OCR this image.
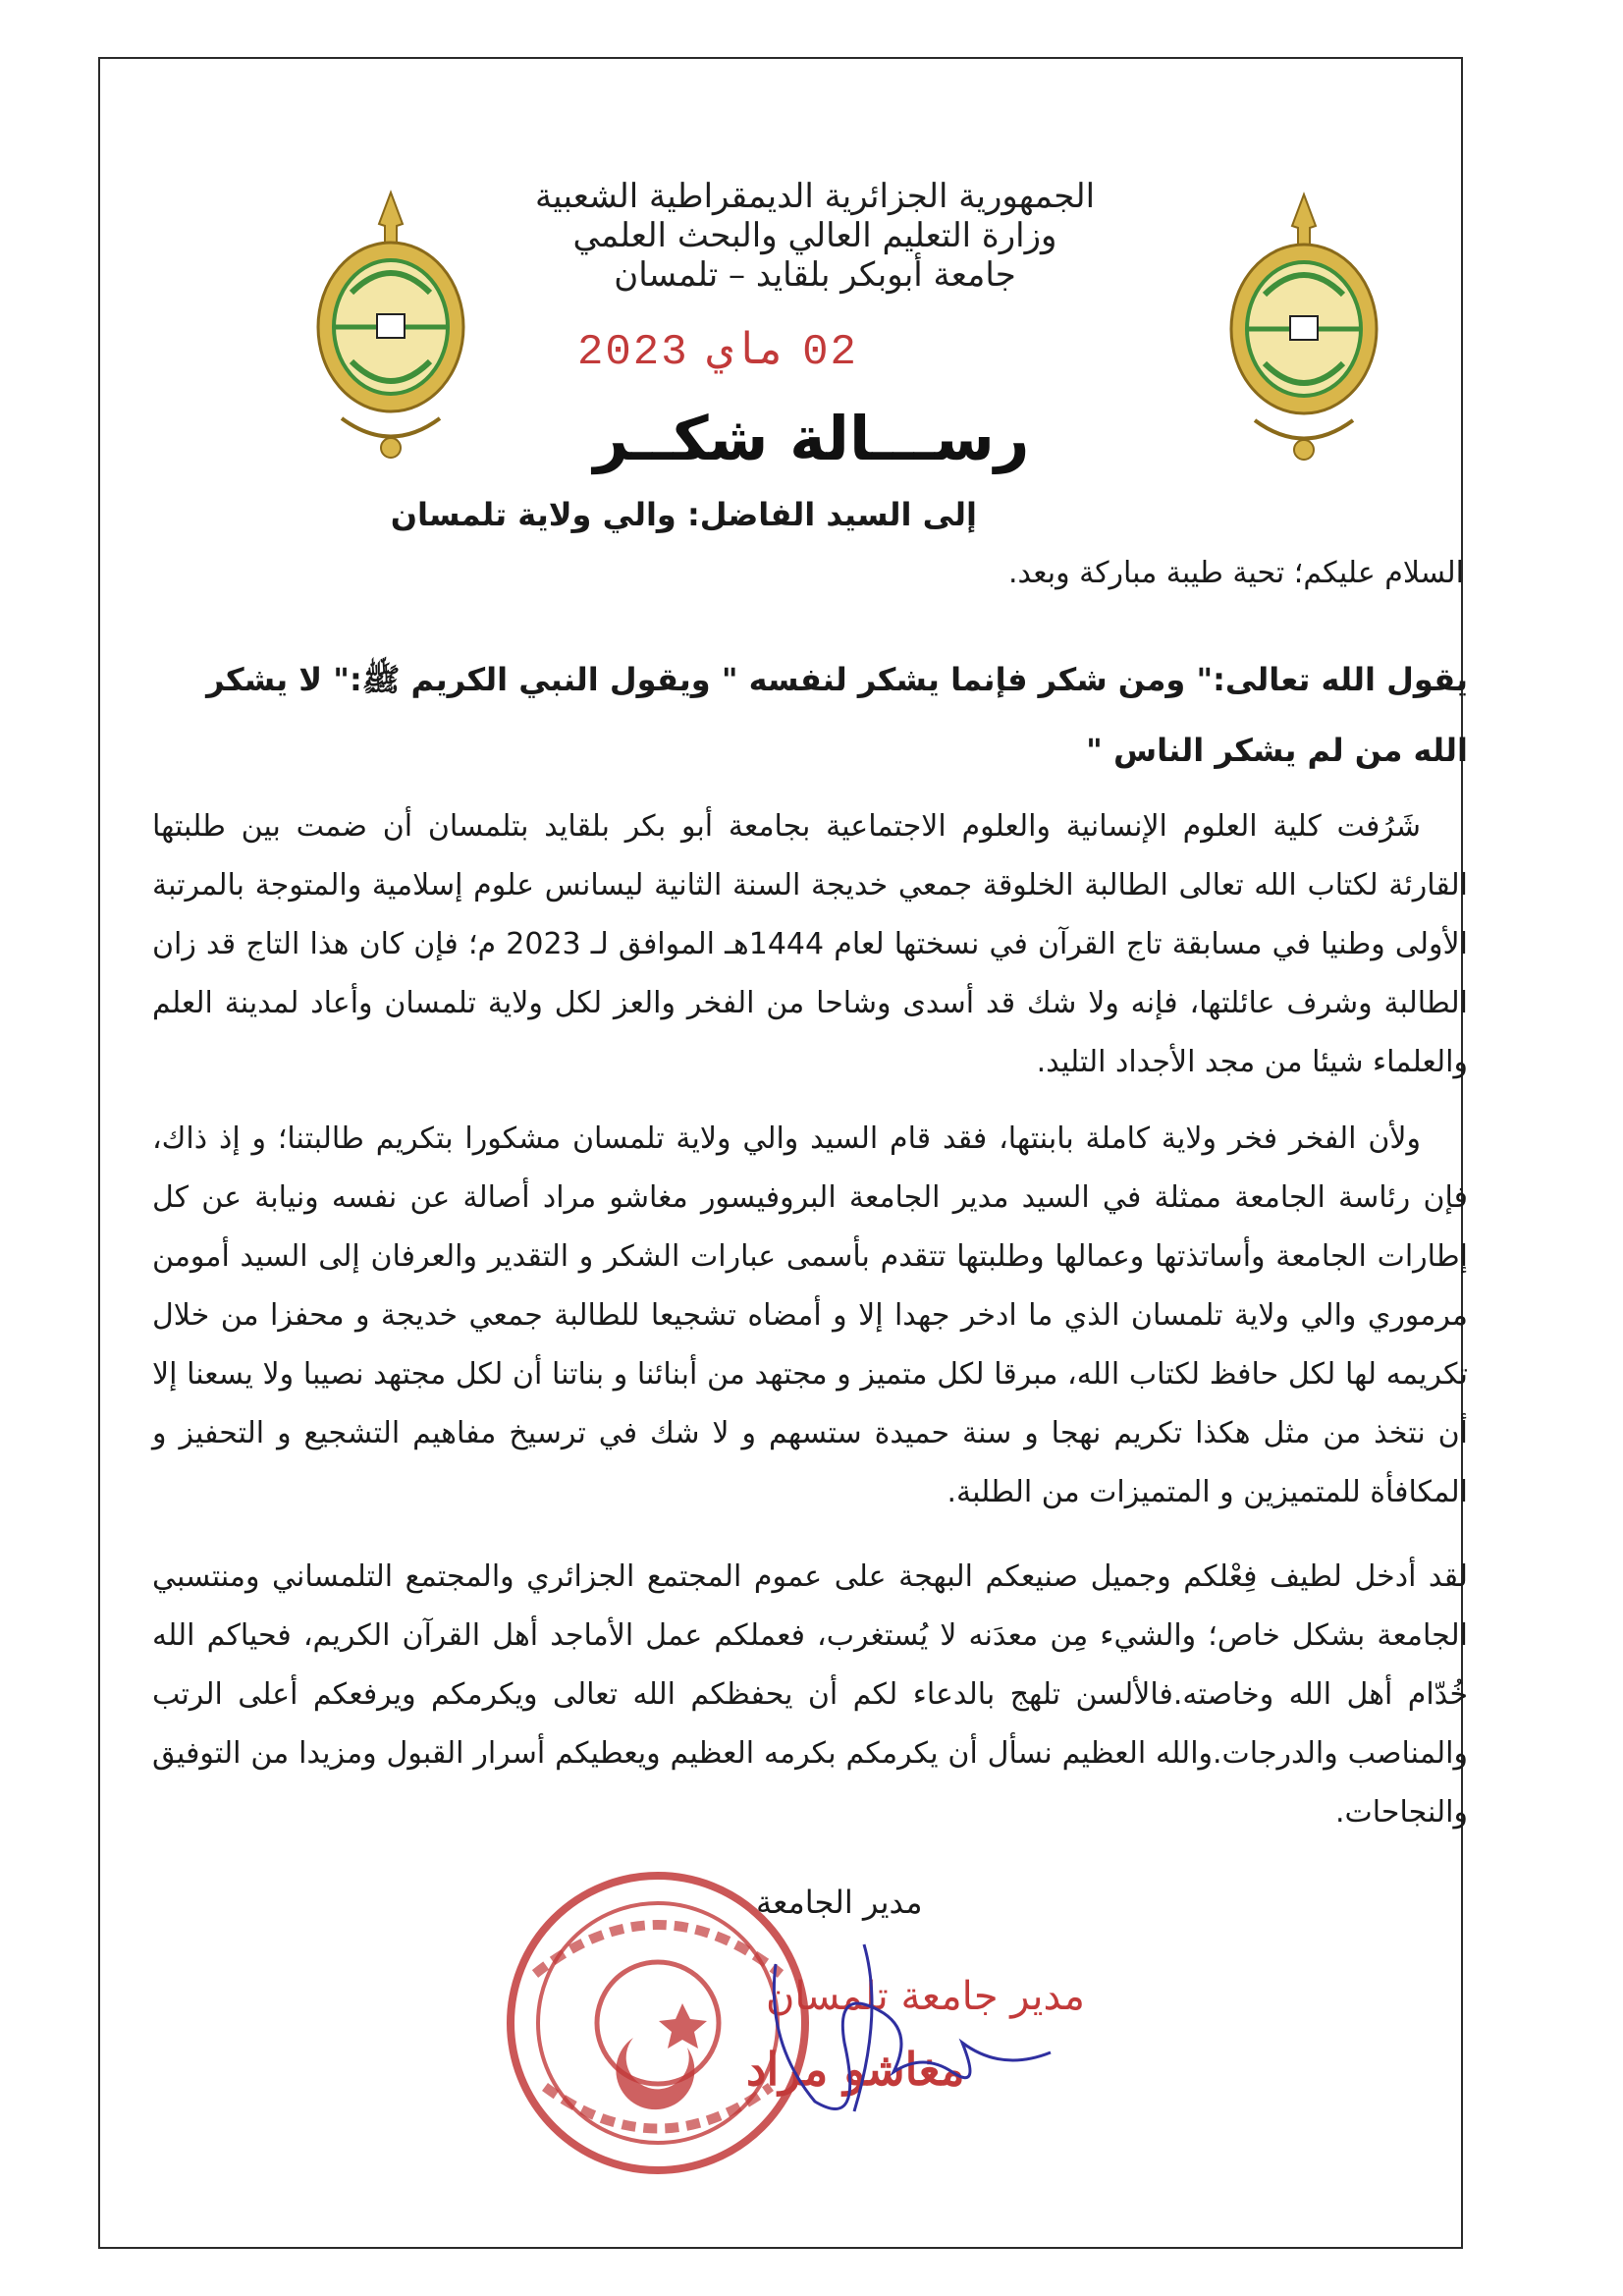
الجمهورية الجزائرية الديمقراطية الشعبية
وزارة التعليم العالي والبحث العلمي
جامعة أبوبكر بلقايد – تلمسان
02ماي2023
رســـالة شكــر
إلى السيد الفاضل: والي ولاية تلمسان
السلام عليكم؛ تحية طيبة مباركة وبعد.
يقول الله تعالى:" ومن شكر فإنما يشكر لنفسه " ويقول النبي الكريم ﷺ:" لا يشكر الله من لم يشكر الناس "
شَرُفت كلية العلوم الإنسانية والعلوم الاجتماعية بجامعة أبو بكر بلقايد بتلمسان أن ضمت بين طلبتها القارئة لكتاب الله تعالى الطالبة الخلوقة جمعي خديجة السنة الثانية ليسانس علوم إسلامية والمتوجة بالمرتبة الأولى وطنيا في مسابقة تاج القرآن في نسختها لعام 1444هـ الموافق لـ 2023 م؛ فإن كان هذا التاج قد زان الطالبة وشرف عائلتها، فإنه ولا شك قد أسدى وشاحا من الفخر والعز لكل ولاية تلمسان وأعاد لمدينة العلم والعلماء شيئا من مجد الأجداد التليد.
ولأن الفخر فخر ولاية كاملة بابنتها، فقد قام السيد والي ولاية تلمسان مشكورا بتكريم طالبتنا؛ و إذ ذاك، فإن رئاسة الجامعة ممثلة في السيد مدير الجامعة البروفيسور مغاشو مراد أصالة عن نفسه ونيابة عن كل إطارات الجامعة وأساتذتها وعمالها وطلبتها تتقدم بأسمى عبارات الشكر و التقدير والعرفان إلى السيد أمومن مرموري والي ولاية تلمسان الذي ما ادخر جهدا إلا و أمضاه تشجيعا للطالبة جمعي خديجة و محفزا من خلال تكريمه لها لكل حافظ لكتاب الله، مبرقا لكل متميز و مجتهد من أبنائنا و بناتنا أن لكل مجتهد نصيبا ولا يسعنا إلا أن نتخذ من مثل هكذا تكريم نهجا و سنة حميدة ستسهم و لا شك في ترسيخ مفاهيم التشجيع و التحفيز و المكافأة للمتميزين و المتميزات من الطلبة.
لقد أدخل لطيف فِعْلكم وجميل صنيعكم البهجة على عموم المجتمع الجزائري والمجتمع التلمساني ومنتسبي الجامعة بشكل خاص؛ والشيء مِن معدَنه لا يُستغرب، فعملكم عمل الأماجد أهل القرآن الكريم، فحياكم الله خُدّام أهل الله وخاصته.فالألسن تلهج بالدعاء لكم أن يحفظكم الله تعالى ويكرمكم ويرفعكم أعلى الرتب والمناصب والدرجات.والله العظيم نسأل أن يكرمكم بكرمه العظيم ويعطيكم أسرار القبول ومزيدا من التوفيق والنجاحات.
مدير الجامعة
مدير جامعة تلمسان
مغاشو مراد
